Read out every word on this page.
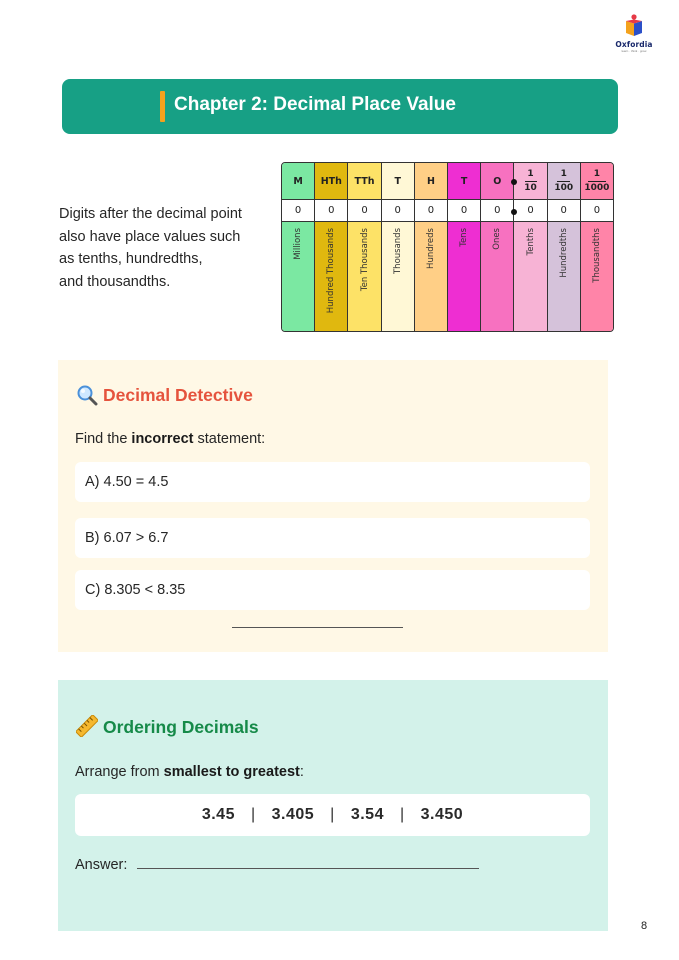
Oxfordia
learn · think · grow
Chapter 2: Decimal Place Value
Digits after the decimal point
also have place values such
as tenths, hundredths,
and thousandths.
M
0
Millions
HTh
0
Hundred Thousands
TTh
0
Ten Thousands
T
0
Thousands
H
0
Hundreds
T
0
Tens
O
0
Ones
$\frac{1}{10}$
0
Tenths
$\frac{1}{100}$
0
Hundredths
$\frac{1}{1000}$
0
Thousandths
Decimal Detective
Find the incorrect statement:
A) 4.50 = 4.5
B) 6.07 > 6.7
C) 8.305 < 8.35
Ordering Decimals
Arrange from smallest to greatest:
3.45 | 3.405 | 3.54 | 3.450
Answer:
8
